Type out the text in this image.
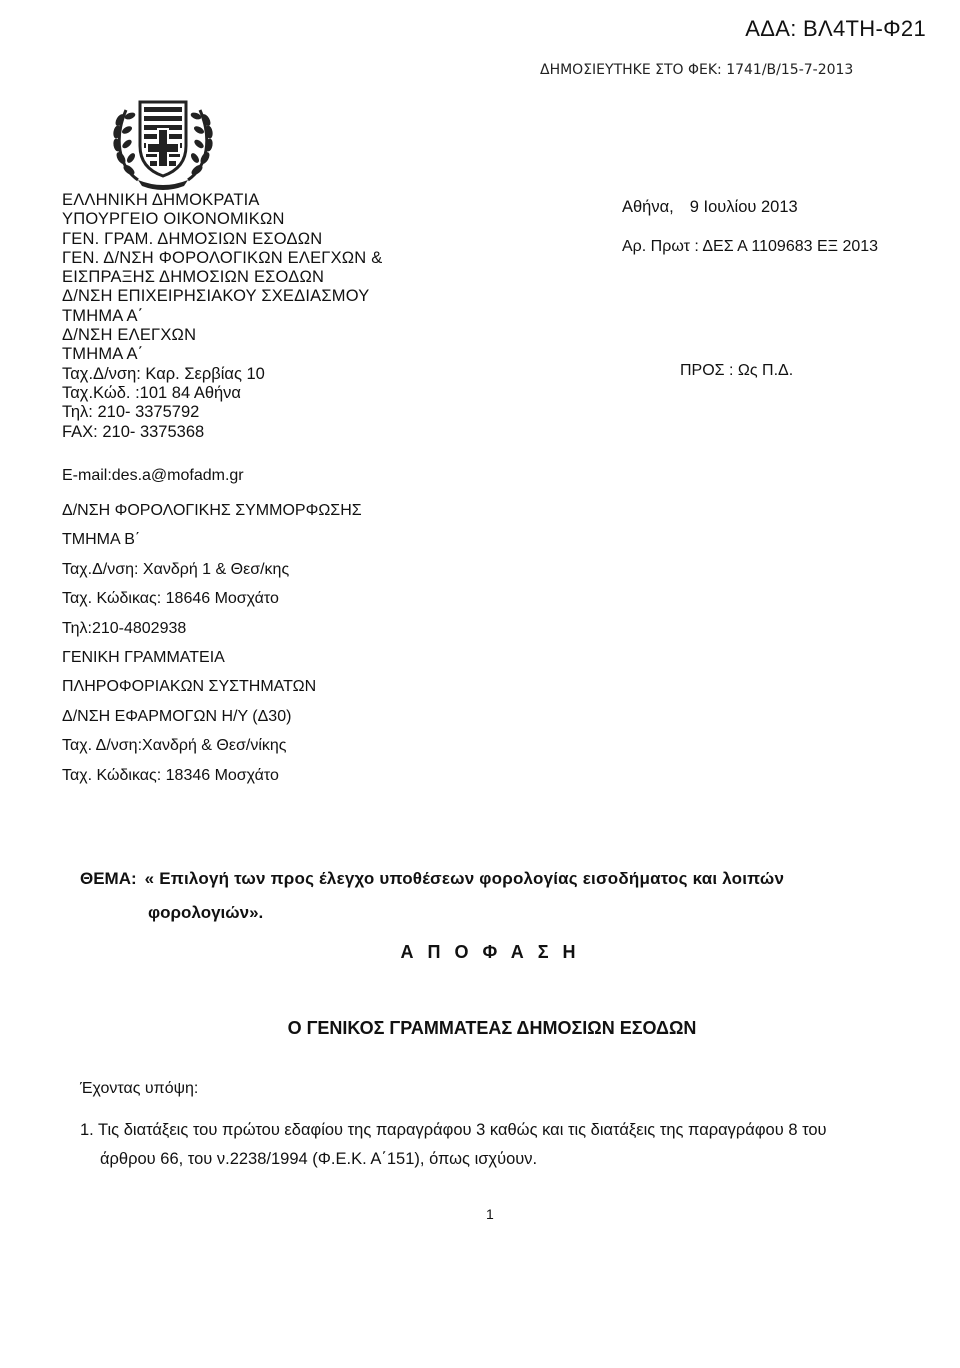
ΑΔΑ: ΒΛ4ΤΗ-Φ21
ΔΗΜΟΣΙΕΥΤΗΚΕ ΣΤΟ ΦΕΚ: 1741/Β/15-7-2013
ΕΛΛΗΝΙΚΗ ΔΗΜΟΚΡΑΤΙΑ
ΥΠΟΥΡΓΕΙΟ ΟΙΚΟΝΟΜΙΚΩΝ
ΓΕΝ. ΓΡΑΜ. ΔΗΜΟΣΙΩΝ ΕΣΟΔΩΝ
ΓΕΝ. Δ/ΝΣΗ ΦΟΡΟΛΟΓΙΚΩΝ ΕΛΕΓΧΩΝ &
ΕΙΣΠΡΑΞΗΣ ΔΗΜΟΣΙΩΝ ΕΣΟΔΩΝ
Δ/ΝΣΗ ΕΠΙΧΕΙΡΗΣΙΑΚΟΥ ΣΧΕΔΙΑΣΜΟΥ
ΤΜΗΜΑ Α΄
Δ/ΝΣΗ ΕΛΕΓΧΩΝ
ΤΜΗΜΑ Α΄
Ταχ.Δ/νση: Καρ. Σερβίας 10
Ταχ.Κώδ. :101 84 Αθήνα
Τηλ: 210- 3375792
FAX: 210- 3375368
E-mail:des.a@mofadm.gr
Δ/ΝΣΗ ΦΟΡΟΛΟΓΙΚΗΣ ΣΥΜΜΟΡΦΩΣΗΣ
ΤΜΗΜΑ Β΄
Ταχ.Δ/νση: Χανδρή 1 & Θεσ/κης
Ταχ. Κώδικας: 18646 Μοσχάτο
Τηλ:210-4802938
ΓΕΝΙΚΗ ΓΡΑΜΜΑΤΕΙΑ
ΠΛΗΡΟΦΟΡΙΑΚΩΝ ΣΥΣΤΗΜΑΤΩΝ
Δ/ΝΣΗ ΕΦΑΡΜΟΓΩΝ Η/Υ (Δ30)
Ταχ. Δ/νση:Χανδρή & Θεσ/νίκης
Ταχ. Κώδικας: 18346 Μοσχάτο
Αθήνα, 9 Ιουλίου 2013
Αρ. Πρωτ : ΔΕΣ Α 1109683 ΕΞ 2013
ΠΡΟΣ : Ως Π.Δ.
ΘΕΜΑ: « Επιλογή των προς έλεγχο υποθέσεων φορολογίας εισοδήματος και λοιπών
φορολογιών».
ΑΠΟΦΑΣΗ
Ο ΓΕΝΙΚΟΣ ΓΡΑΜΜΑΤΕΑΣ ΔΗΜΟΣΙΩΝ ΕΣΟΔΩΝ
Έχοντας υπόψη:
1. Τις διατάξεις του πρώτου εδαφίου της παραγράφου 3 καθώς και τις διατάξεις της παραγράφου 8 του
άρθρου 66, του ν.2238/1994 (Φ.Ε.Κ. Α΄151), όπως ισχύουν.
1
